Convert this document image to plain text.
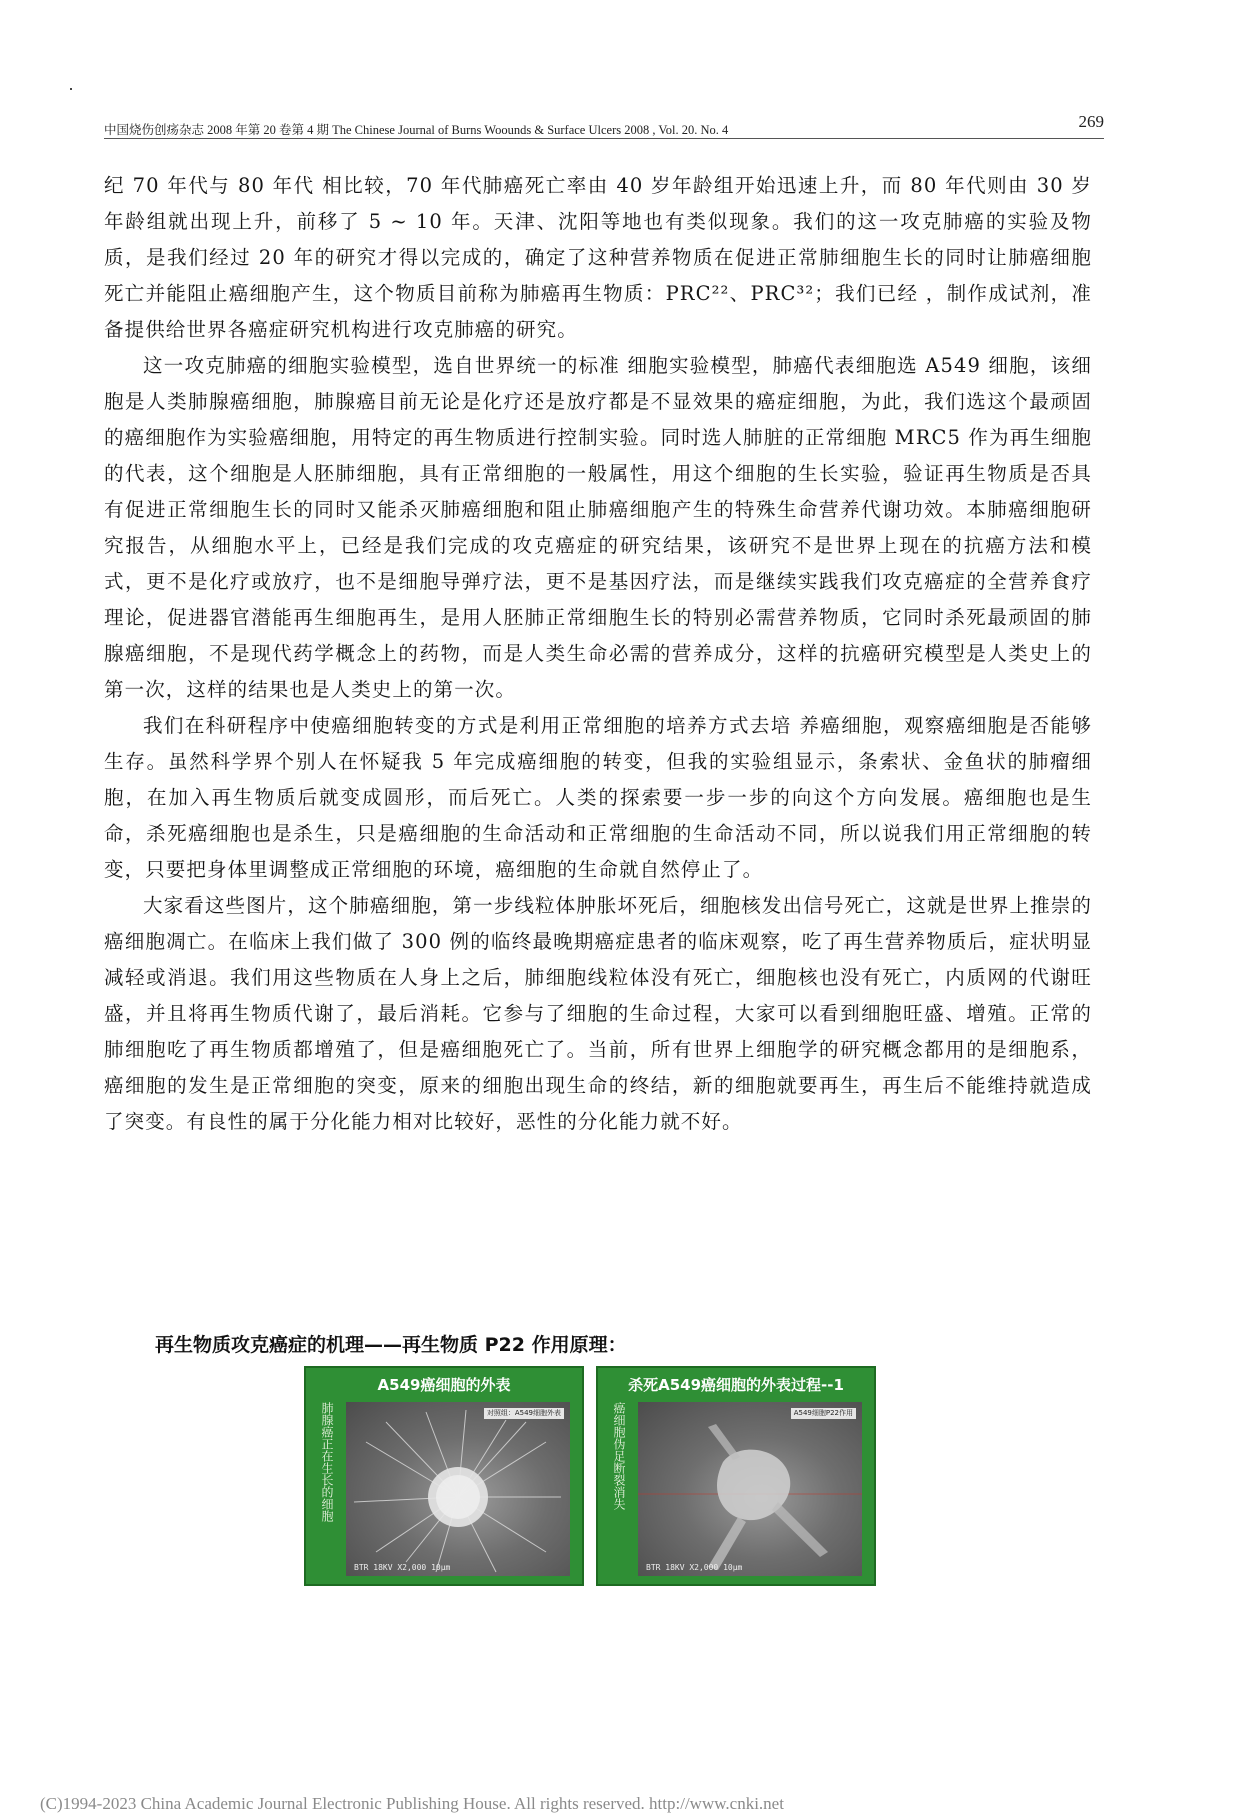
中国烧伤创疡杂志 2008 年第 20 卷第 4 期 The Chinese Journal of Burns Woounds & Surface Ulcers 2008 , Vol. 20. No. 4	269

纪 70 年代与 80 年代 相比较，70 年代肺癌死亡率由 40 岁年龄组开始迅速上升，而 80 年代则由 30 岁年龄组就出现上升，前移了 5 ~ 10 年。天津、沈阳等地也有类似现象。我们的这一攻克肺癌的实验及物质，是我们经过 20 年的研究才得以完成的，确定了这种营养物质在促进正常肺细胞生长的同时让肺癌细胞死亡并能阻止癌细胞产生，这个物质目前称为肺癌再生物质：PRC²²、PRC³²；我们已经 ，制作成试剂，准备提供给世界各癌症研究机构进行攻克肺癌的研究。

这一攻克肺癌的细胞实验模型，选自世界统一的标准 细胞实验模型，肺癌代表细胞选 A549 细胞，该细胞是人类肺腺癌细胞，肺腺癌目前无论是化疗还是放疗都是不显效果的癌症细胞，为此，我们选这个最顽固的癌细胞作为实验癌细胞，用特定的再生物质进行控制实验。同时选人肺脏的正常细胞 MRC5 作为再生细胞的代表，这个细胞是人胚肺细胞，具有正常细胞的一般属性，用这个细胞的生长实验，验证再生物质是否具有促进正常细胞生长的同时又能杀灭肺癌细胞和阻止肺癌细胞产生的特殊生命营养代谢功效。本肺癌细胞研究报告，从细胞水平上，已经是我们完成的攻克癌症的研究结果，该研究不是世界上现在的抗癌方法和模式，更不是化疗或放疗，也不是细胞导弹疗法，更不是基因疗法，而是继续实践我们攻克癌症的全营养食疗理论，促进器官潜能再生细胞再生，是用人胚肺正常细胞生长的特别必需营养物质，它同时杀死最顽固的肺腺癌细胞，不是现代药学概念上的药物，而是人类生命必需的营养成分，这样的抗癌研究模型是人类史上的第一次，这样的结果也是人类史上的第一次。

我们在科研程序中使癌细胞转变的方式是利用正常细胞的培养方式去培 养癌细胞，观察癌细胞是否能够生存。虽然科学界个别人在怀疑我 5 年完成癌细胞的转变，但我的实验组显示，条索状、金鱼状的肺瘤细胞，在加入再生物质后就变成圆形，而后死亡。人类的探索要一步一步的向这个方向发展。癌细胞也是生命，杀死癌细胞也是杀生，只是癌细胞的生命活动和正常细胞的生命活动不同，所以说我们用正常细胞的转变，只要把身体里调整成正常细胞的环境，癌细胞的生命就自然停止了。

大家看这些图片，这个肺癌细胞，第一步线粒体肿胀坏死后，细胞核发出信号死亡，这就是世界上推崇的癌细胞凋亡。在临床上我们做了 300 例的临终最晚期癌症患者的临床观察，吃了再生营养物质后，症状明显减轻或消退。我们用这些物质在人身上之后，肺细胞线粒体没有死亡，细胞核也没有死亡，内质网的代谢旺盛，并且将再生物质代谢了，最后消耗。它参与了细胞的生命过程，大家可以看到细胞旺盛、增殖。正常的肺细胞吃了再生物质都增殖了，但是癌细胞死亡了。当前，所有世界上细胞学的研究概念都用的是细胞系，癌细胞的发生是正常细胞的突变，原来的细胞出现生命的终结，新的细胞就要再生，再生后不能维持就造成了突变。有良性的属于分化能力相对比较好，恶性的分化能力就不好。

再生物质攻克癌症的机理——再生物质 P22 作用原理：
A549癌细胞的外表
肺腺癌正在生长的细胞	对照组：A549细胞外表
BTR 18KV X2,000 10μm
杀死A549癌细胞的外表过程--1
癌细胞伪足断裂消失	A549细胞P22作用
BTR 18KV X2,000 10μm
(C)1994-2023 China Academic Journal Electronic Publishing House. All rights reserved. http://www.cnki.net
